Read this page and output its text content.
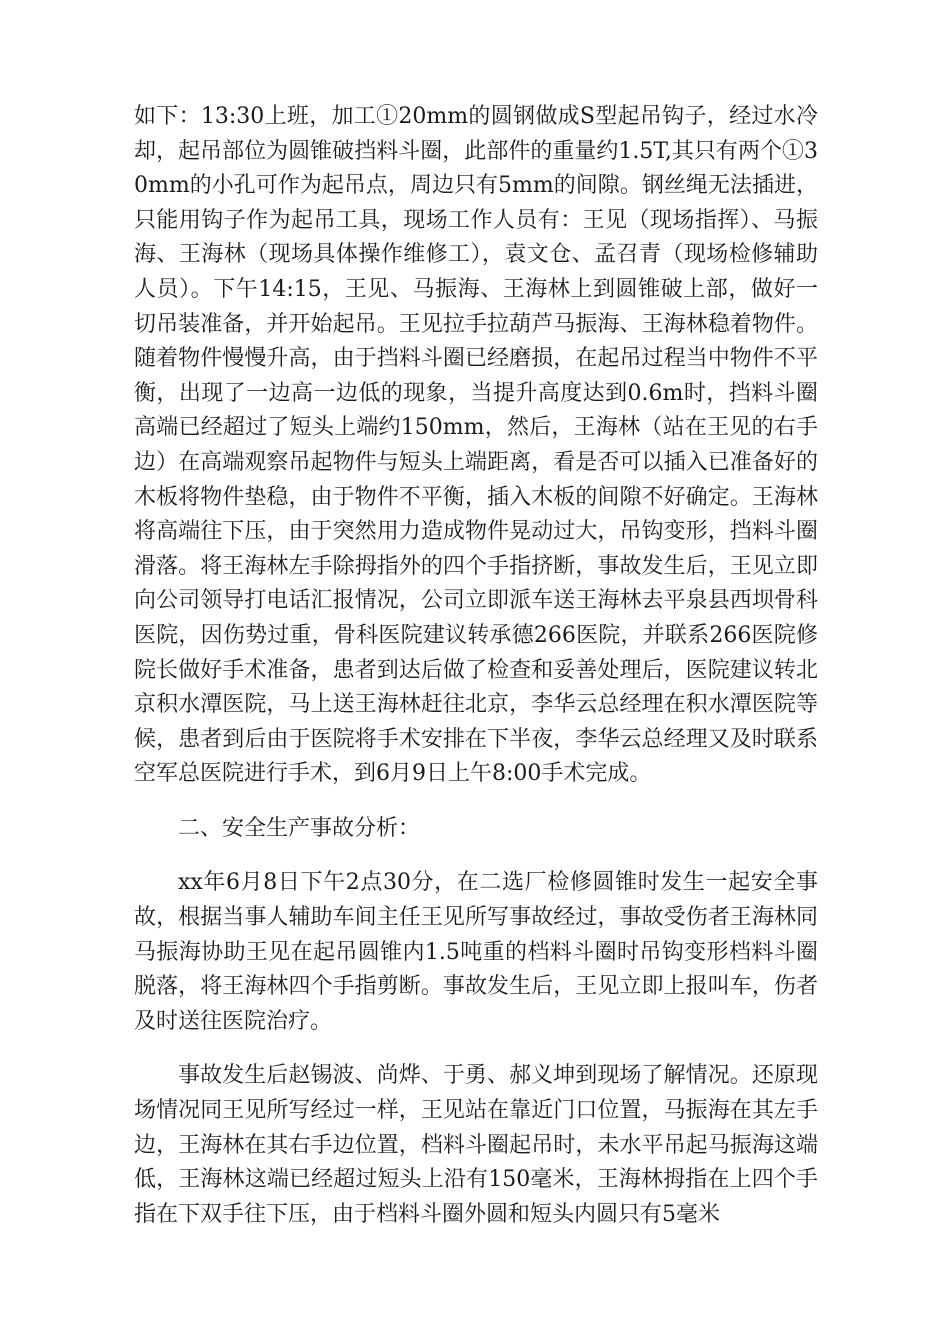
如下：13:30上班，加工①20mm的圆钢做成S型起吊钩子，经过水冷却，起吊部位为圆锥破挡料斗圈，此部件的重量约1.5T,其只有两个①30mm的小孔可作为起吊点，周边只有5mm的间隙。钢丝绳无法插进，只能用钩子作为起吊工具，现场工作人员有：王见（现场指挥）、马振海、王海林（现场具体操作维修工），袁文仓、孟召青（现场检修辅助人员）。下午14:15，王见、马振海、王海林上到圆锥破上部，做好一切吊装准备，并开始起吊。王见拉手拉葫芦马振海、王海林稳着物件。随着物件慢慢升高，由于挡料斗圈已经磨损，在起吊过程当中物件不平衡，出现了一边高一边低的现象，当提升高度达到0.6m时，挡料斗圈高端已经超过了短头上端约150mm，然后，王海林（站在王见的右手边）在高端观察吊起物件与短头上端距离，看是否可以插入已准备好的木板将物件垫稳，由于物件不平衡，插入木板的间隙不好确定。王海林将高端往下压，由于突然用力造成物件晃动过大，吊钩变形，挡料斗圈滑落。将王海林左手除拇指外的四个手指挤断，事故发生后，王见立即向公司领导打电话汇报情况，公司立即派车送王海林去平泉县西坝骨科医院，因伤势过重，骨科医院建议转承德266医院，并联系266医院修院长做好手术准备，患者到达后做了检查和妥善处理后，医院建议转北京积水潭医院，马上送王海林赶往北京，李华云总经理在积水潭医院等候，患者到后由于医院将手术安排在下半夜，李华云总经理又及时联系空军总医院进行手术，到6月9日上午8:00手术完成。

二、安全生产事故分析：

xx年6月8日下午2点30分，在二选厂检修圆锥时发生一起安全事故，根据当事人辅助车间主任王见所写事故经过，事故受伤者王海林同马振海协助王见在起吊圆锥内1.5吨重的档料斗圈时吊钩变形档料斗圈脱落，将王海林四个手指剪断。事故发生后，王见立即上报叫车，伤者及时送往医院治疗。

事故发生后赵锡波、尚烨、于勇、郝义坤到现场了解情况。还原现场情况同王见所写经过一样，王见站在靠近门口位置，马振海在其左手边，王海林在其右手边位置，档料斗圈起吊时，未水平吊起马振海这端低，王海林这端已经超过短头上沿有150毫米，王海林拇指在上四个手指在下双手往下压，由于档料斗圈外圆和短头内圆只有5毫米
